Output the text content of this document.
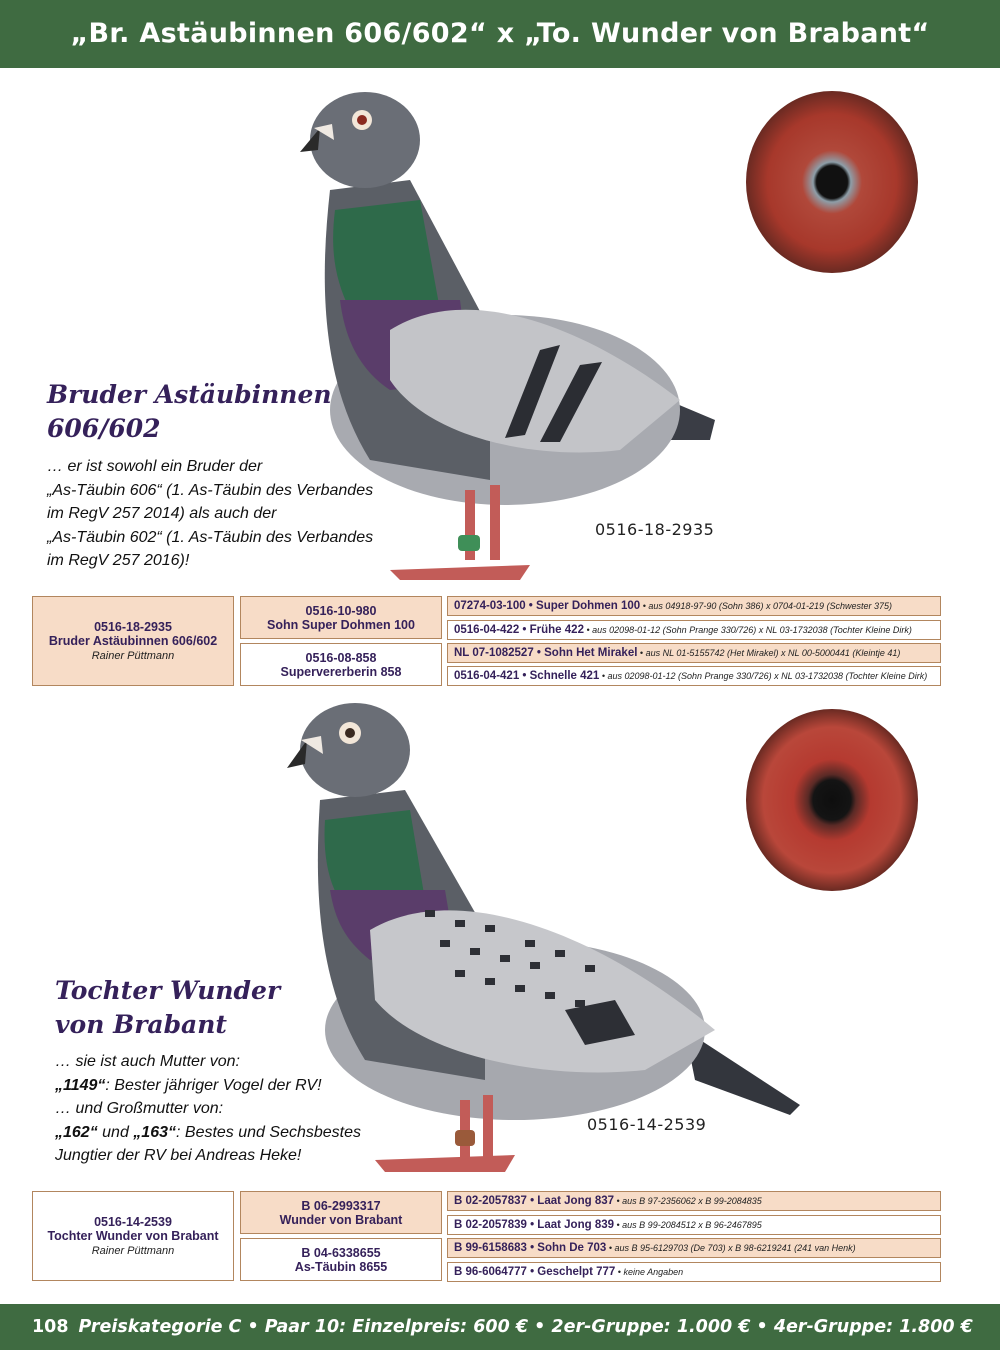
„Br. Astäubinnen 606/602“ x „To. Wunder von Brabant“
Bruder Astäubinnen
606/602
… er ist sowohl ein Bruder der
„As-Täubin 606“ (1. As-Täubin des Verbandes
im RegV 257 2014) als auch der
„As-Täubin 602“ (1. As-Täubin des Verbandes
im RegV 257 2016)!
0516-18-2935
0516-18-2935
Bruder Astäubinnen 606/602
Rainer Püttmann
0516-10-980
Sohn Super Dohmen 100
0516-08-858
Supervererberin 858
07274-03-100 • Super Dohmen 100 • aus 04918-97-90 (Sohn 386) x 0704-01-219 (Schwester 375)
0516-04-422 • Frühe 422 • aus 02098-01-12 (Sohn Prange 330/726) x NL 03-1732038 (Tochter Kleine Dirk)
NL 07-1082527 • Sohn Het Mirakel • aus NL 01-5155742 (Het Mirakel) x NL 00-5000441 (Kleintje 41)
0516-04-421 • Schnelle 421 • aus 02098-01-12 (Sohn Prange 330/726) x NL 03-1732038 (Tochter Kleine Dirk)
Tochter Wunder
von Brabant
… sie ist auch Mutter von:
„1149“: Bester jähriger Vogel der RV!
… und Großmutter von:
„162“ und „163“: Bestes und Sechsbestes
Jungtier der RV bei Andreas Heke!
0516-14-2539
0516-14-2539
Tochter Wunder von Brabant
Rainer Püttmann
B 06-2993317
Wunder von Brabant
B 04-6338655
As-Täubin 8655
B 02-2057837 • Laat Jong 837 • aus B 97-2356062 x B 99-2084835
B 02-2057839 • Laat Jong 839 • aus B 99-2084512 x B 96-2467895
B 99-6158683 • Sohn De 703 • aus B 95-6129703 (De 703) x B 98-6219241 (241 van Henk)
B 96-6064777 • Geschelpt 777 • keine Angaben
108 Preiskategorie C • Paar 10: Einzelpreis: 600 € • 2er-Gruppe: 1.000 € • 4er-Gruppe: 1.800 €
